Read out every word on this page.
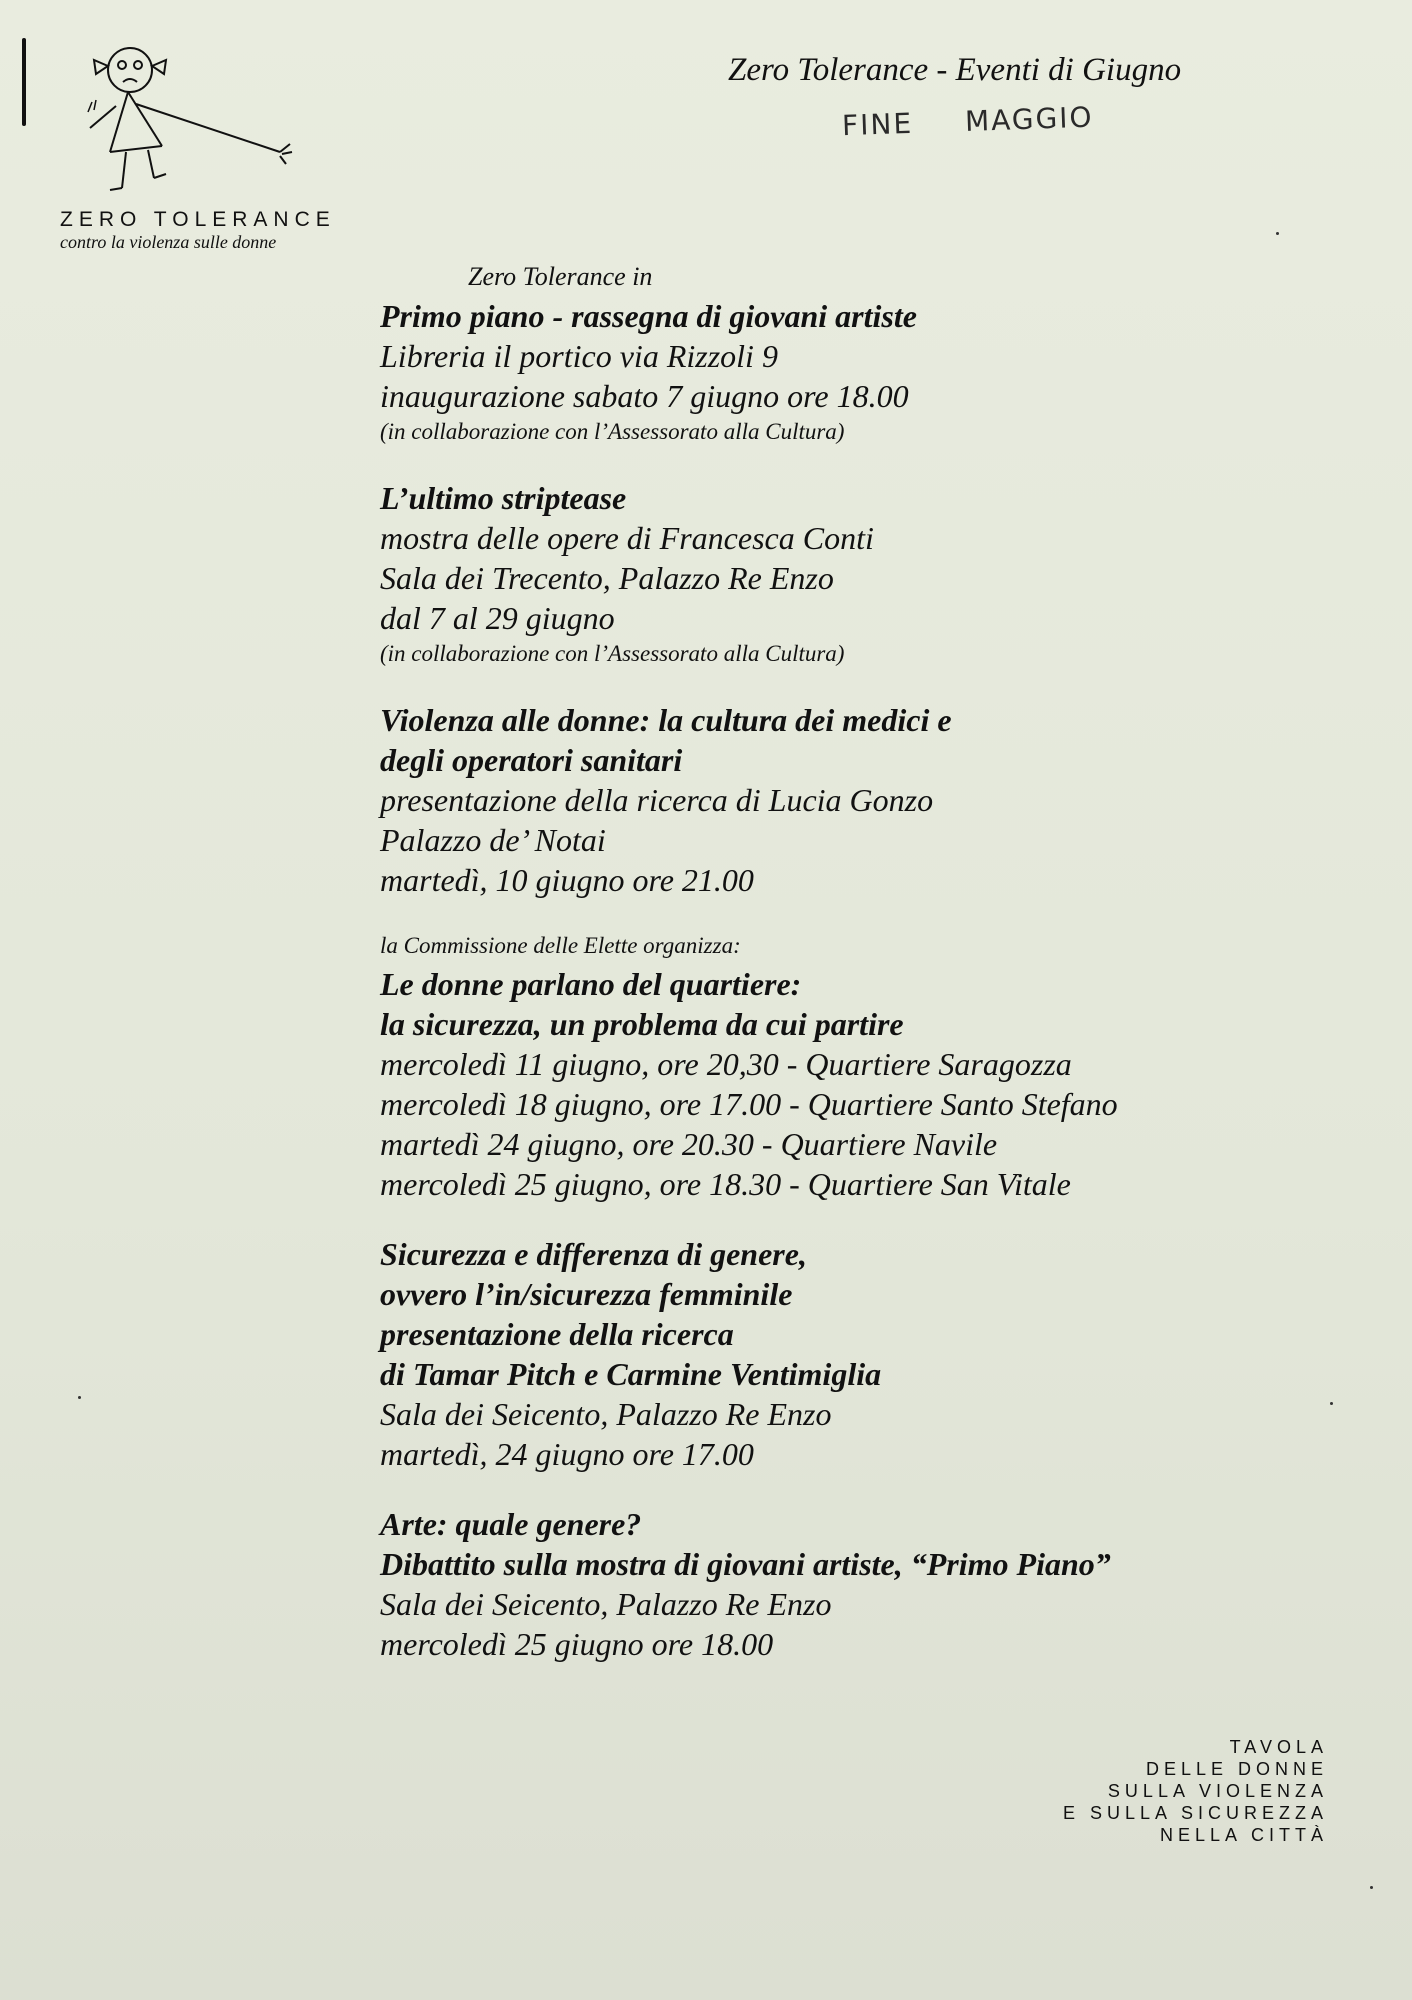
ZERO TOLERANCE
contro la violenza sulle donne
Zero Tolerance - Eventi di Giugno
FINE MAGGIO
Zero Tolerance in
Primo piano - rassegna di giovani artiste
Libreria il portico via Rizzoli 9
inaugurazione sabato 7 giugno ore 18.00
(in collaborazione con l’Assessorato alla Cultura)
L’ultimo striptease
mostra delle opere di Francesca Conti
Sala dei Trecento, Palazzo Re Enzo
dal 7 al 29 giugno
(in collaborazione con l’Assessorato alla Cultura)
Violenza alle donne: la cultura dei medici e
degli operatori sanitari
presentazione della ricerca di Lucia Gonzo
Palazzo de’ Notai
martedì, 10 giugno ore 21.00
la Commissione delle Elette organizza:
Le donne parlano del quartiere:
la sicurezza, un problema da cui partire
mercoledì 11 giugno, ore 20,30 - Quartiere Saragozza
mercoledì 18 giugno, ore 17.00 - Quartiere Santo Stefano
martedì 24 giugno, ore 20.30 - Quartiere Navile
mercoledì 25 giugno, ore 18.30 - Quartiere San Vitale
Sicurezza e differenza di genere,
ovvero l’in/sicurezza femminile
presentazione della ricerca
di Tamar Pitch e Carmine Ventimiglia
Sala dei Seicento, Palazzo Re Enzo
martedì, 24 giugno ore 17.00
Arte: quale genere?
Dibattito sulla mostra di giovani artiste, “Primo Piano”
Sala dei Seicento, Palazzo Re Enzo
mercoledì 25 giugno ore 18.00
TAVOLA
DELLE DONNE
SULLA VIOLENZA
E SULLA SICUREZZA
NELLA CITTÀ
